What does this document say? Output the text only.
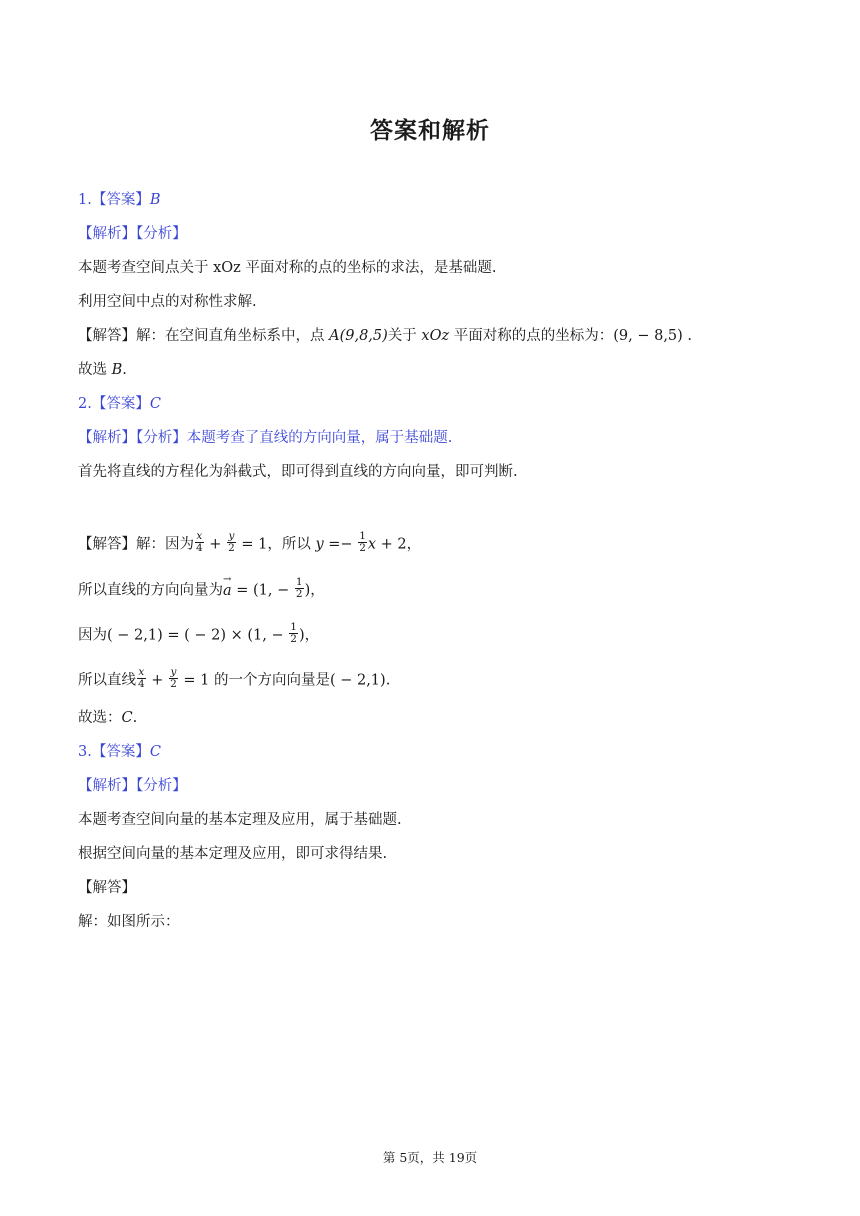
答案和解析
1.【答案】B
【解析】【分析】
本题考查空间点关于 xOz 平面对称的点的坐标的求法，是基础题.
利用空间中点的对称性求解.
【解答】解：在空间直角坐标系中，点 A(9,8,5)关于 xOz 平面对称的点的坐标为：(9, − 8,5) .
故选 B.
2.【答案】C
【解析】【分析】本题考查了直线的方向向量，属于基础题.
首先将直线的方程化为斜截式，即可得到直线的方向向量，即可判断.
【解答】解：因为 $\frac{x}{4} + \frac{y}{2} = 1$，所以 $y =- \frac{1}{2}$ x + 2，
所以直线的方向向量为→ a = (1, − $\frac{1}{2}$ )，
因为( − 2,1) = ( − 2) × (1, − $\frac{1}{2}$ )，
所以直线 $\frac{x}{4} + \frac{y}{2} = 1$ 的一个方向向量是( − 2,1).
故选：C.
3.【答案】C
【解析】【分析】
本题考查空间向量的基本定理及应用，属于基础题.
根据空间向量的基本定理及应用，即可求得结果.
【解答】
解：如图所示：
第 5页，共 19页
